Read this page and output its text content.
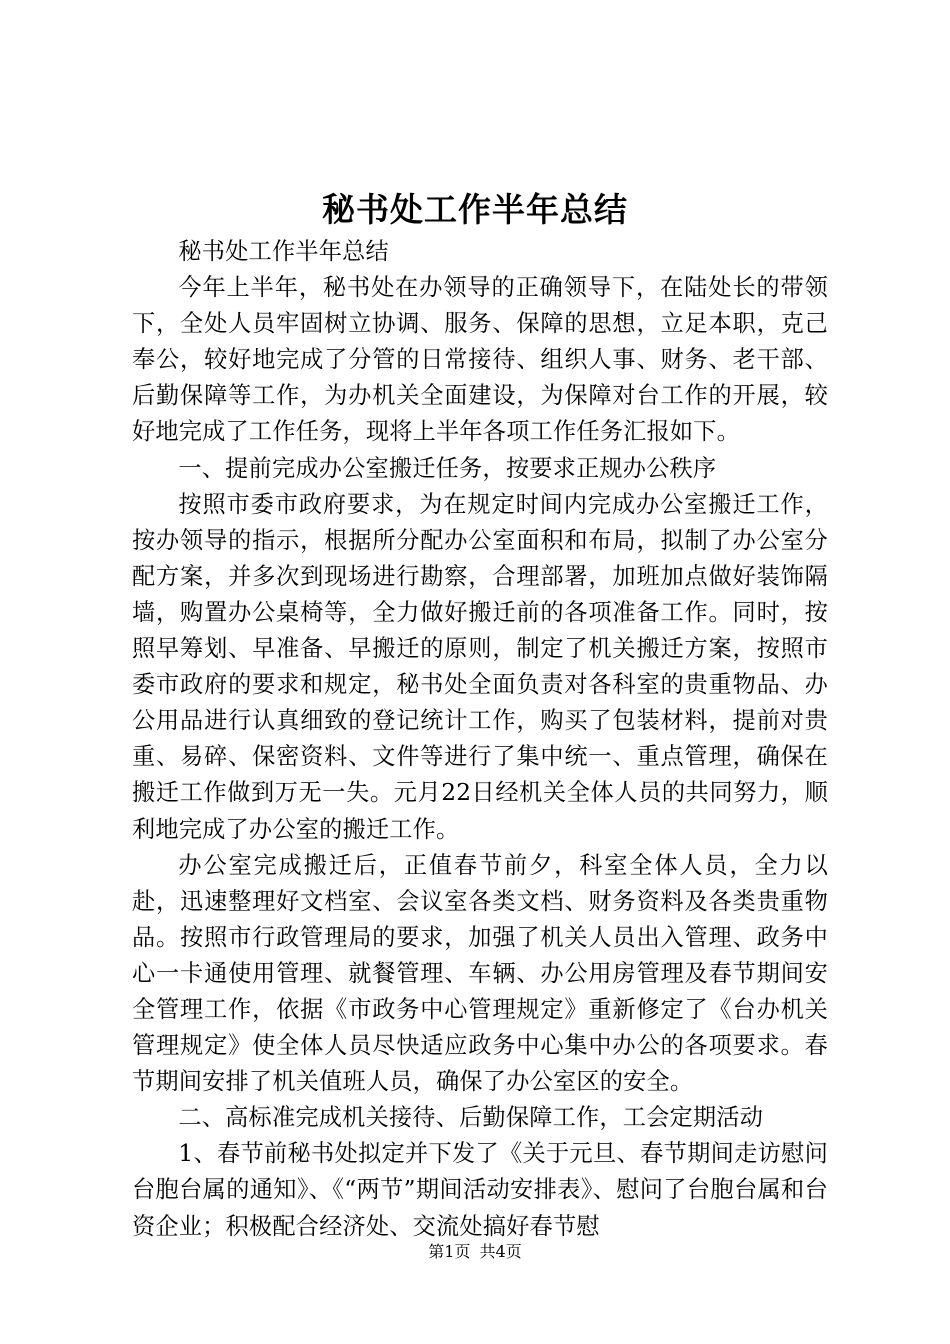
秘书处工作半年总结

秘书处工作半年总结

今年上半年，秘书处在办领导的正确领导下，在陆处长的带领下，全处人员牢固树立协调、服务、保障的思想，立足本职，克己奉公，较好地完成了分管的日常接待、组织人事、财务、老干部、后勤保障等工作，为办机关全面建设，为保障对台工作的开展，较好地完成了工作任务，现将上半年各项工作任务汇报如下。

一、提前完成办公室搬迁任务，按要求正规办公秩序

按照市委市政府要求，为在规定时间内完成办公室搬迁工作，按办领导的指示，根据所分配办公室面积和布局，拟制了办公室分配方案，并多次到现场进行勘察，合理部署，加班加点做好装饰隔墙，购置办公桌椅等，全力做好搬迁前的各项准备工作。同时，按照早筹划、早准备、早搬迁的原则，制定了机关搬迁方案，按照市委市政府的要求和规定，秘书处全面负责对各科室的贵重物品、办公用品进行认真细致的登记统计工作，购买了包装材料，提前对贵重、易碎、保密资料、文件等进行了集中统一、重点管理，确保在搬迁工作做到万无一失。元月22日经机关全体人员的共同努力，顺利地完成了办公室的搬迁工作。

办公室完成搬迁后，正值春节前夕，科室全体人员，全力以赴，迅速整理好文档室、会议室各类文档、财务资料及各类贵重物品。按照市行政管理局的要求，加强了机关人员出入管理、政务中心一卡通使用管理、就餐管理、车辆、办公用房管理及春节期间安全管理工作，依据《市政务中心管理规定》重新修定了《台办机关管理规定》使全体人员尽快适应政务中心集中办公的各项要求。春节期间安排了机关值班人员，确保了办公室区的安全。

二、高标准完成机关接待、后勤保障工作，工会定期活动

1、春节前秘书处拟定并下发了《关于元旦、春节期间走访慰问台胞台属的通知》、《“两节”期间活动安排表》、慰问了台胞台属和台资企业；积极配合经济处、交流处搞好春节慰

第1页 共4页
